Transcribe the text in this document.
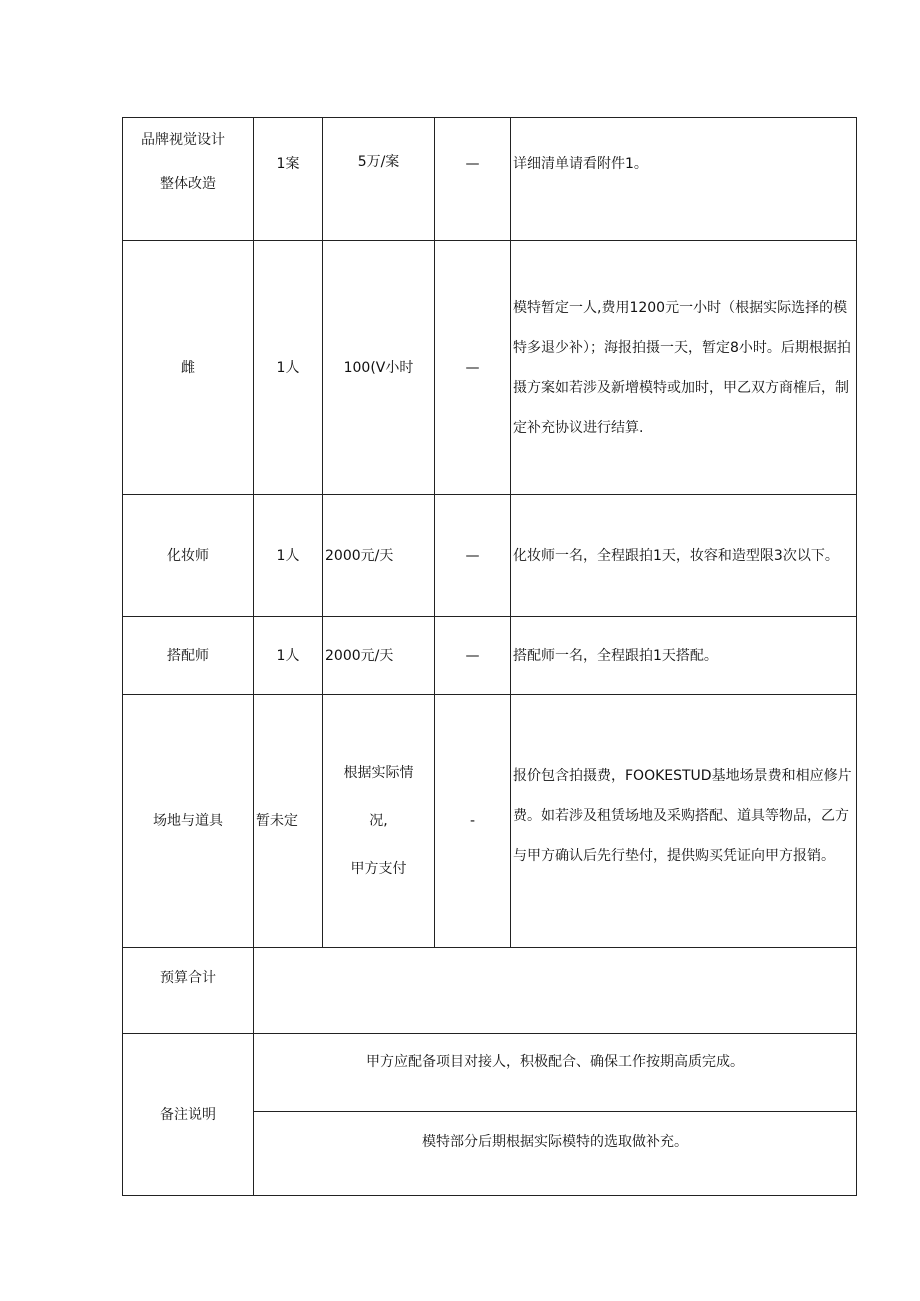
品牌视觉设计
整体改造	1案	5万/案	—	详细清单请看附件1。

雌	1人	100(V小时	—	模特暂定一人,费用1200元一小时（根据实际选择的模特多退少补）；海报拍摄一天，暂定8小时。后期根据拍摄方案如若涉及新增模特或加时，甲乙双方商榷后，制定补充协议进行结算.

化妆师	1人	2000元/天	—	化妆师一名，全程跟拍1天，妆容和造型限3次以下。

搭配师	1人	2000元/天	—	搭配师一名，全程跟拍1天搭配。

场地与道具	暂未定	根据实际情
况,
甲方支付	-	报价包含拍摄费，FOOKESTUD基地场景费和相应修片费。如若涉及租赁场地及采购搭配、道具等物品，乙方与甲方确认后先行垫付，提供购买凭证向甲方报销。

预算合计				

备注说明	甲方应配备项目对接人，积极配合、确保工作按期高质完成。			

	模特部分后期根据实际模特的选取做补充。			
